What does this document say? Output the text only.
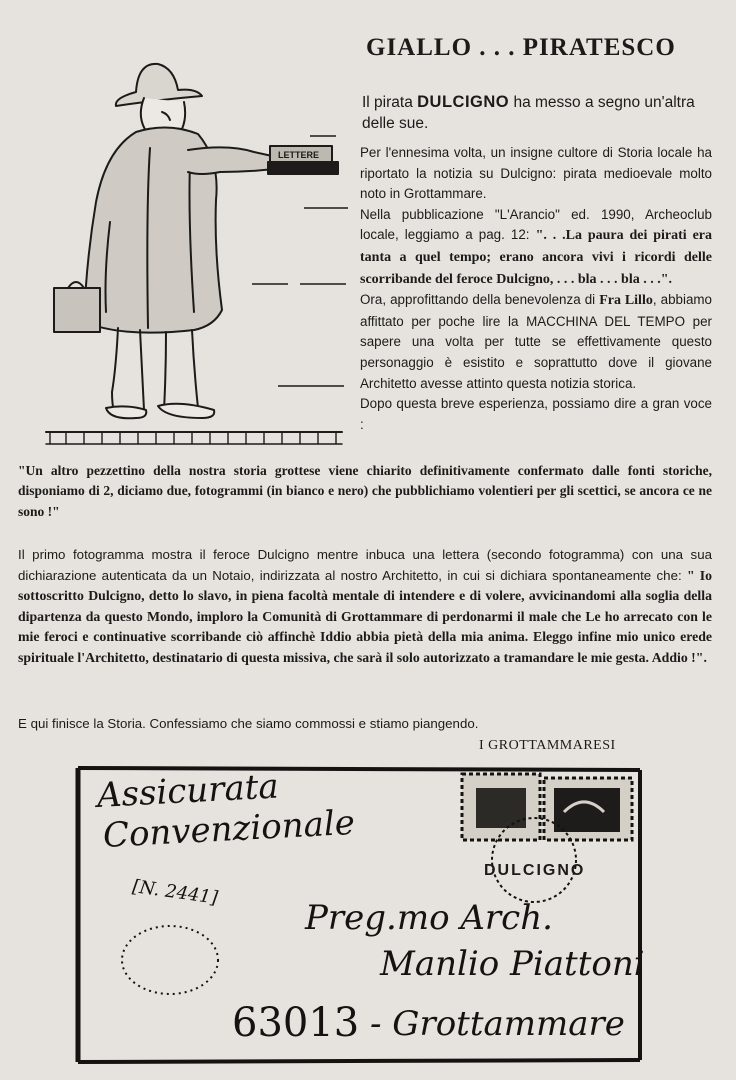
GIALLO . . . PIRATESCO
LETTERE
Il pirata DULCIGNO ha messo a segno un'altra delle sue.
Per l'ennesima volta, un insigne cultore di Storia locale ha riportato la notizia su Dulcigno: pirata medioevale molto noto in Grottammare.
Nella pubblicazione "L'Arancio" ed. 1990, Archeoclub locale, leggiamo a pag. 12: ". . .La paura dei pirati era tanta a quel tempo; erano ancora vivi i ricordi delle scorribande del feroce Dulcigno, . . . bla . . . bla . . .".
Ora, approfittando della benevolenza di Fra Lillo, abbiamo affittato per poche lire la MACCHINA DEL TEMPO per sapere una volta per tutte se effettivamente questo personaggio è esistito e soprattutto dove il giovane Architetto avesse attinto questa notizia storica.
Dopo questa breve esperienza, possiamo dire a gran voce :
"Un altro pezzettino della nostra storia grottese viene chiarito definitivamente confermato dalle fonti storiche, disponiamo di 2, diciamo due, fotogrammi (in bianco e nero) che pubblichiamo volentieri per gli scettici, se ancora ce ne sono !"
Il primo fotogramma mostra il feroce Dulcigno mentre inbuca una lettera (secondo fotogramma) con una sua dichiarazione autenticata da un Notaio, indirizzata al nostro Architetto, in cui si dichiara spontaneamente che: " Io sottoscritto Dulcigno, detto lo slavo, in piena facoltà mentale di intendere e di volere, avvicinandomi alla soglia della dipartenza da questo Mondo, imploro la Comunità di Grottammare di perdonarmi il male che Le ho arrecato con le mie feroci e continuative scorribande ciò affinchè Iddio abbia pietà della mia anima. Eleggo infine mio unico erede spirituale l'Architetto, destinatario di questa missiva, che sarà il solo autorizzato a tramandare le mie gesta. Addio !".
E qui finisce la Storia. Confessiamo che siamo commossi e stiamo piangendo.
I GROTTAMMARESI
Assicurata
Convenzionale
[N. 2441]
DULCIGNO
Preg.mo Arch.
Manlio Piattoni
63013 - Grottammare
